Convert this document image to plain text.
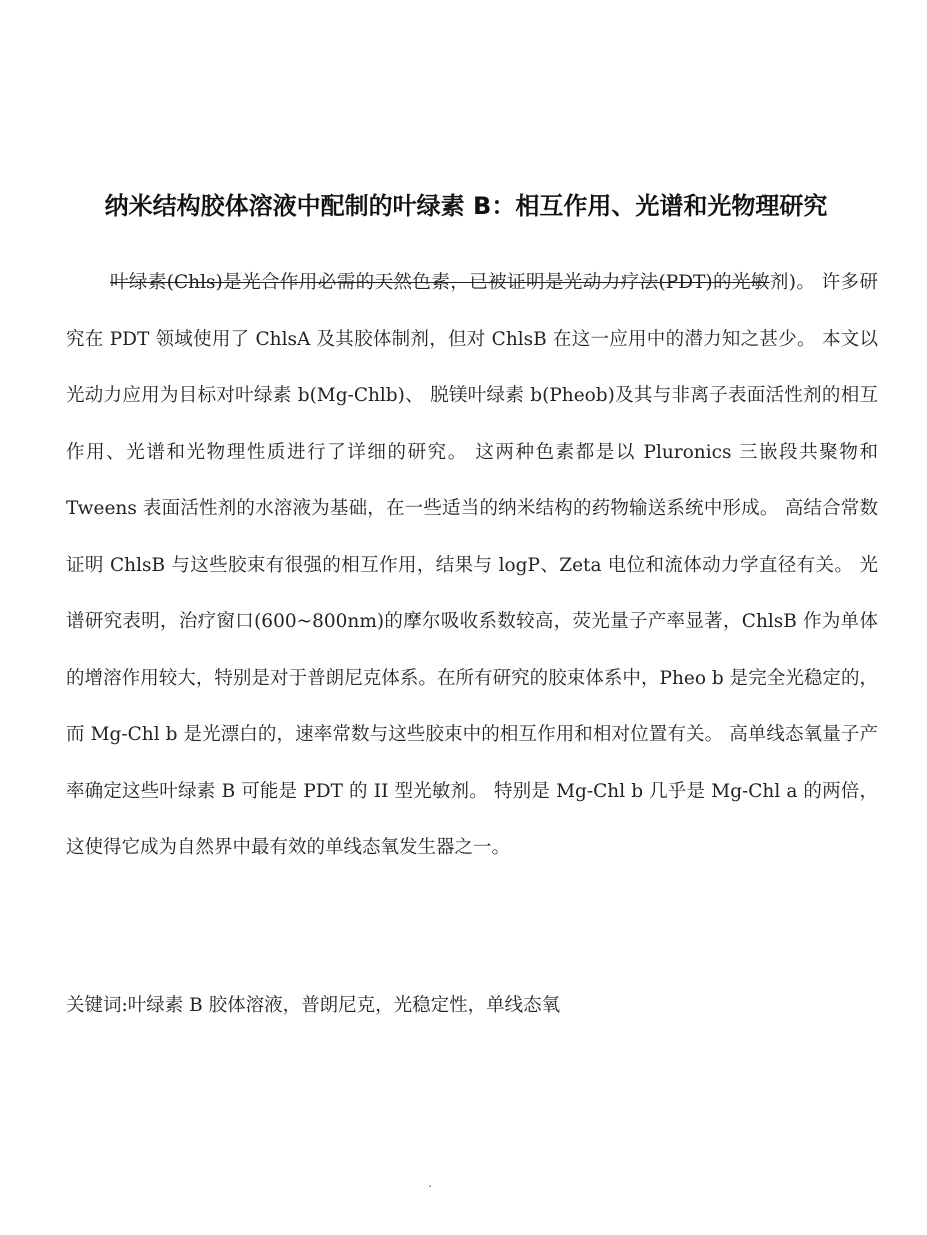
纳米结构胶体溶液中配制的叶绿素 B：相互作用、光谱和光物理研究

叶绿素(Chls)是光合作用必需的天然色素，已被证明是光动力疗法(PDT)的光敏剂)。 许多研究在 PDT 领域使用了 ChlsA 及其胶体制剂，但对 ChlsB 在这一应用中的潜力知之甚少。 本文以光动力应用为目标对叶绿素 b(Mg-Chlb)、 脱镁叶绿素 b(Pheob)及其与非离子表面活性剂的相互作用、光谱和光物理性质进行了详细的研究。 这两种色素都是以 Pluronics 三嵌段共聚物和 Tweens 表面活性剂的水溶液为基础，在一些适当的纳米结构的药物输送系统中形成。 高结合常数证明 ChlsB 与这些胶束有很强的相互作用，结果与 logP、Zeta 电位和流体动力学直径有关。 光谱研究表明，治疗窗口(600~800nm)的摩尔吸收系数较高，荧光量子产率显著，ChlsB 作为单体的增溶作用较大，特别是对于普朗尼克体系。在所有研究的胶束体系中，Pheo b 是完全光稳定的，而 Mg-Chl b 是光漂白的，速率常数与这些胶束中的相互作用和相对位置有关。 高单线态氧量子产率确定这些叶绿素 B 可能是 PDT 的 II 型光敏剂。 特别是 Mg-Chl b 几乎是 Mg-Chl a 的两倍，这使得它成为自然界中最有效的单线态氧发生器之一。

关键词:叶绿素 B 胶体溶液，普朗尼克，光稳定性，单线态氧

.
